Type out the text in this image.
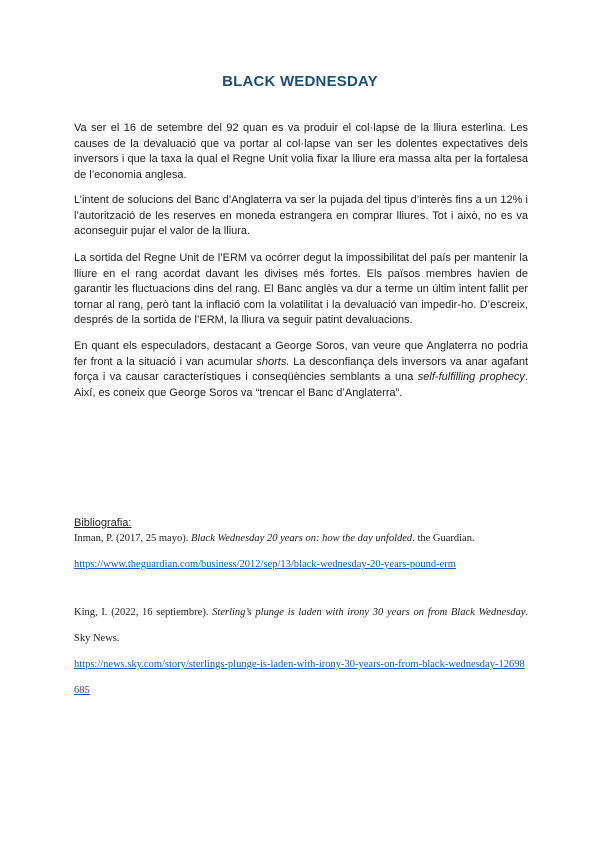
BLACK WEDNESDAY

Va ser el 16 de setembre del 92 quan es va produir el col·lapse de la lliura esterlina. Les causes de la devaluació que va portar al col·lapse van ser les dolentes expectatives dels inversors i que la taxa la qual el Regne Unit volia fixar la lliure era massa alta per la fortalesa de l’economia anglesa.

L’intent de solucions del Banc d’Anglaterra va ser la pujada del tipus d’interès fins a un 12% i l’autorització de les reserves en moneda estrangera en comprar lliures. Tot i això, no es va aconseguir pujar el valor de la lliura.

La sortida del Regne Unit de l’ERM va ocórrer degut la impossibilitat del país per mantenir la lliure en el rang acordat davant les divises més fortes. Els països membres havien de garantir les fluctuacions dins del rang. El Banc anglès va dur a terme un últim intent fallit per tornar al rang, però tant la inflació com la volatilitat i la devaluació van impedir-ho. D’escreix, després de la sortida de l’ERM, la lliura va seguir patint devaluacions.

En quant els especuladors, destacant a George Soros, van veure que Anglaterra no podria fer front a la situació i van acumular shorts. La desconfiança dels inversors va anar agafant força i va causar característiques i conseqüències semblants a una self-fulfilling prophecy. Així, es coneix que George Soros va “trencar el Banc d’Anglaterra”.

Bibliografia:

Inman, P. (2017, 25 mayo). Black Wednesday 20 years on: how the day unfolded. the Guardian.
https://www.theguardian.com/business/2012/sep/13/black-wednesday-20-years-pound-erm

King, I. (2022, 16 septiembre). Sterling’s plunge is laden with irony 30 years on from Black Wednesday. Sky News.
https://news.sky.com/story/sterlings-plunge-is-laden-with-irony-30-years-on-from-black-wednesday-12698685
